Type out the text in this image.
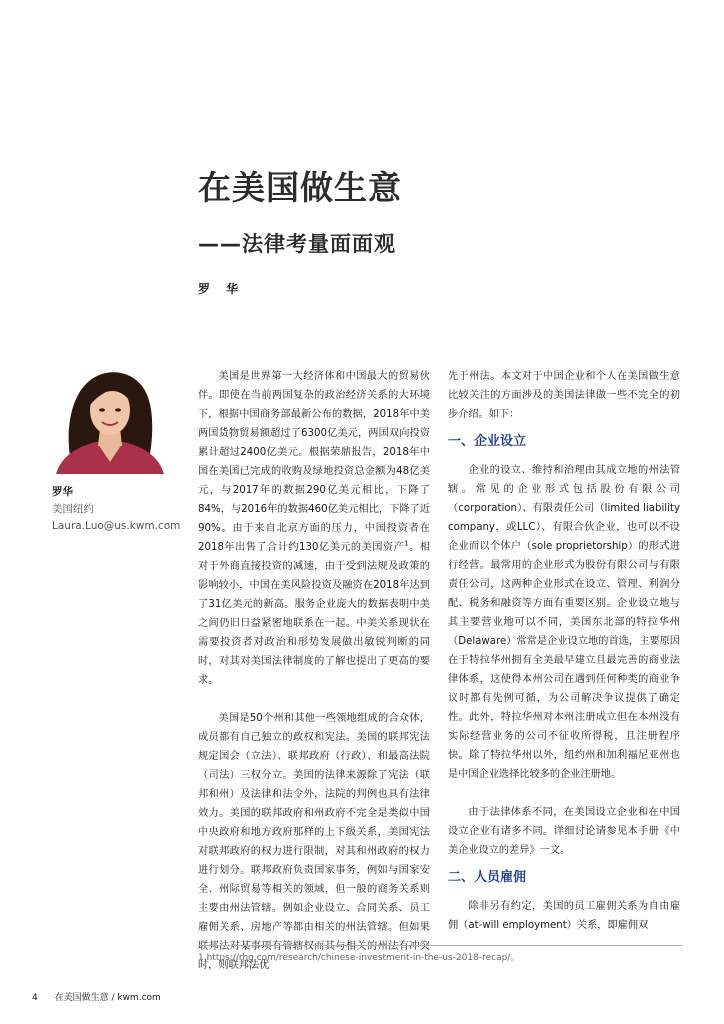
在美国做生意
——法律考量面面观
罗 华
罗华
美国纽约
Laura.Luo@us.kwm.com

美国是世界第一大经济体和中国最大的贸易伙伴。即使在当前两国复杂的政治经济关系的大环境下，根据中国商务部最新公布的数据，2018年中美两国货物贸易额超过了6300亿美元，两国双向投资累计超过2400亿美元。根据荣鼎报告，2018年中国在美国已完成的收购及绿地投资总金额为48亿美元，与2017年的数据290亿美元相比，下降了84%，与2016年的数据460亿美元相比，下降了近90%。由于来自北京方面的压力，中国投资者在2018年出售了合计约130亿美元的美国资产$^1$。相对于外商直接投资的减速，由于受到法规及政策的影响较小，中国在美风险投资及融资在2018年达到了31亿美元的新高。服务企业庞大的数据表明中美之间仍旧日益紧密地联系在一起。中美关系现状在需要投资者对政治和形势发展做出敏锐判断的同时，对其对美国法律制度的了解也提出了更高的要求。

美国是50个州和其他一些领地组成的合众体，成员都有自己独立的政权和宪法。美国的联邦宪法规定国会（立法）、联邦政府（行政）、和最高法院（司法）三权分立。美国的法律来源除了宪法（联邦和州）及法律和法令外，法院的判例也具有法律效力。美国的联邦政府和州政府不完全是类似中国中央政府和地方政府那样的上下级关系，美国宪法对联邦政府的权力进行限制，对其和州政府的权力进行划分。联邦政府负责国家事务，例如与国家安全、州际贸易等相关的领域，但一般的商务关系则主要由州法管辖。例如企业设立、合同关系、员工雇佣关系、房地产等都由相关的州法管辖。但如果联邦法对某事项有管辖权而其与相关的州法有冲突时，则联邦法优

先于州法。本文对于中国企业和个人在美国做生意比较关注的方面涉及的美国法律做一些不完全的初步介绍。如下：

一、企业设立

企业的设立、维持和治理由其成立地的州法管辖。常见的企业形式包括股份有限公司（corporation）、有限责任公司（limited liability company，或LLC）、有限合伙企业，也可以不设企业而以个体户（sole proprietorship）的形式进行经营。最常用的企业形式为股份有限公司与有限责任公司，这两种企业形式在设立、管理、利润分配、税务和融资等方面有重要区别。企业设立地与其主要营业地可以不同，美国东北部的特拉华州（Delaware）常常是企业设立地的首选，主要原因在于特拉华州拥有全美最早建立且最完善的商业法律体系，这使得本州公司在遇到任何种类的商业争议时都有先例可循，为公司解决争议提供了确定性。此外，特拉华州对本州注册成立但在本州没有实际经营业务的公司不征收所得税，且注册程序快。除了特拉华州以外，纽约州和加利福尼亚州也是中国企业选择比较多的企业注册地。

由于法律体系不同，在美国设立企业和在中国设立企业有诸多不同。详细讨论请参见本手册《中美企业设立的差异》一文。

二、人员雇佣

除非另有约定，美国的员工雇佣关系为自由雇佣（at-will employment）关系，即雇佣双

1.https://rhg.com/research/chinese-investment-in-the-us-2018-recap/。
4 在美国做生意 / kwm.com
